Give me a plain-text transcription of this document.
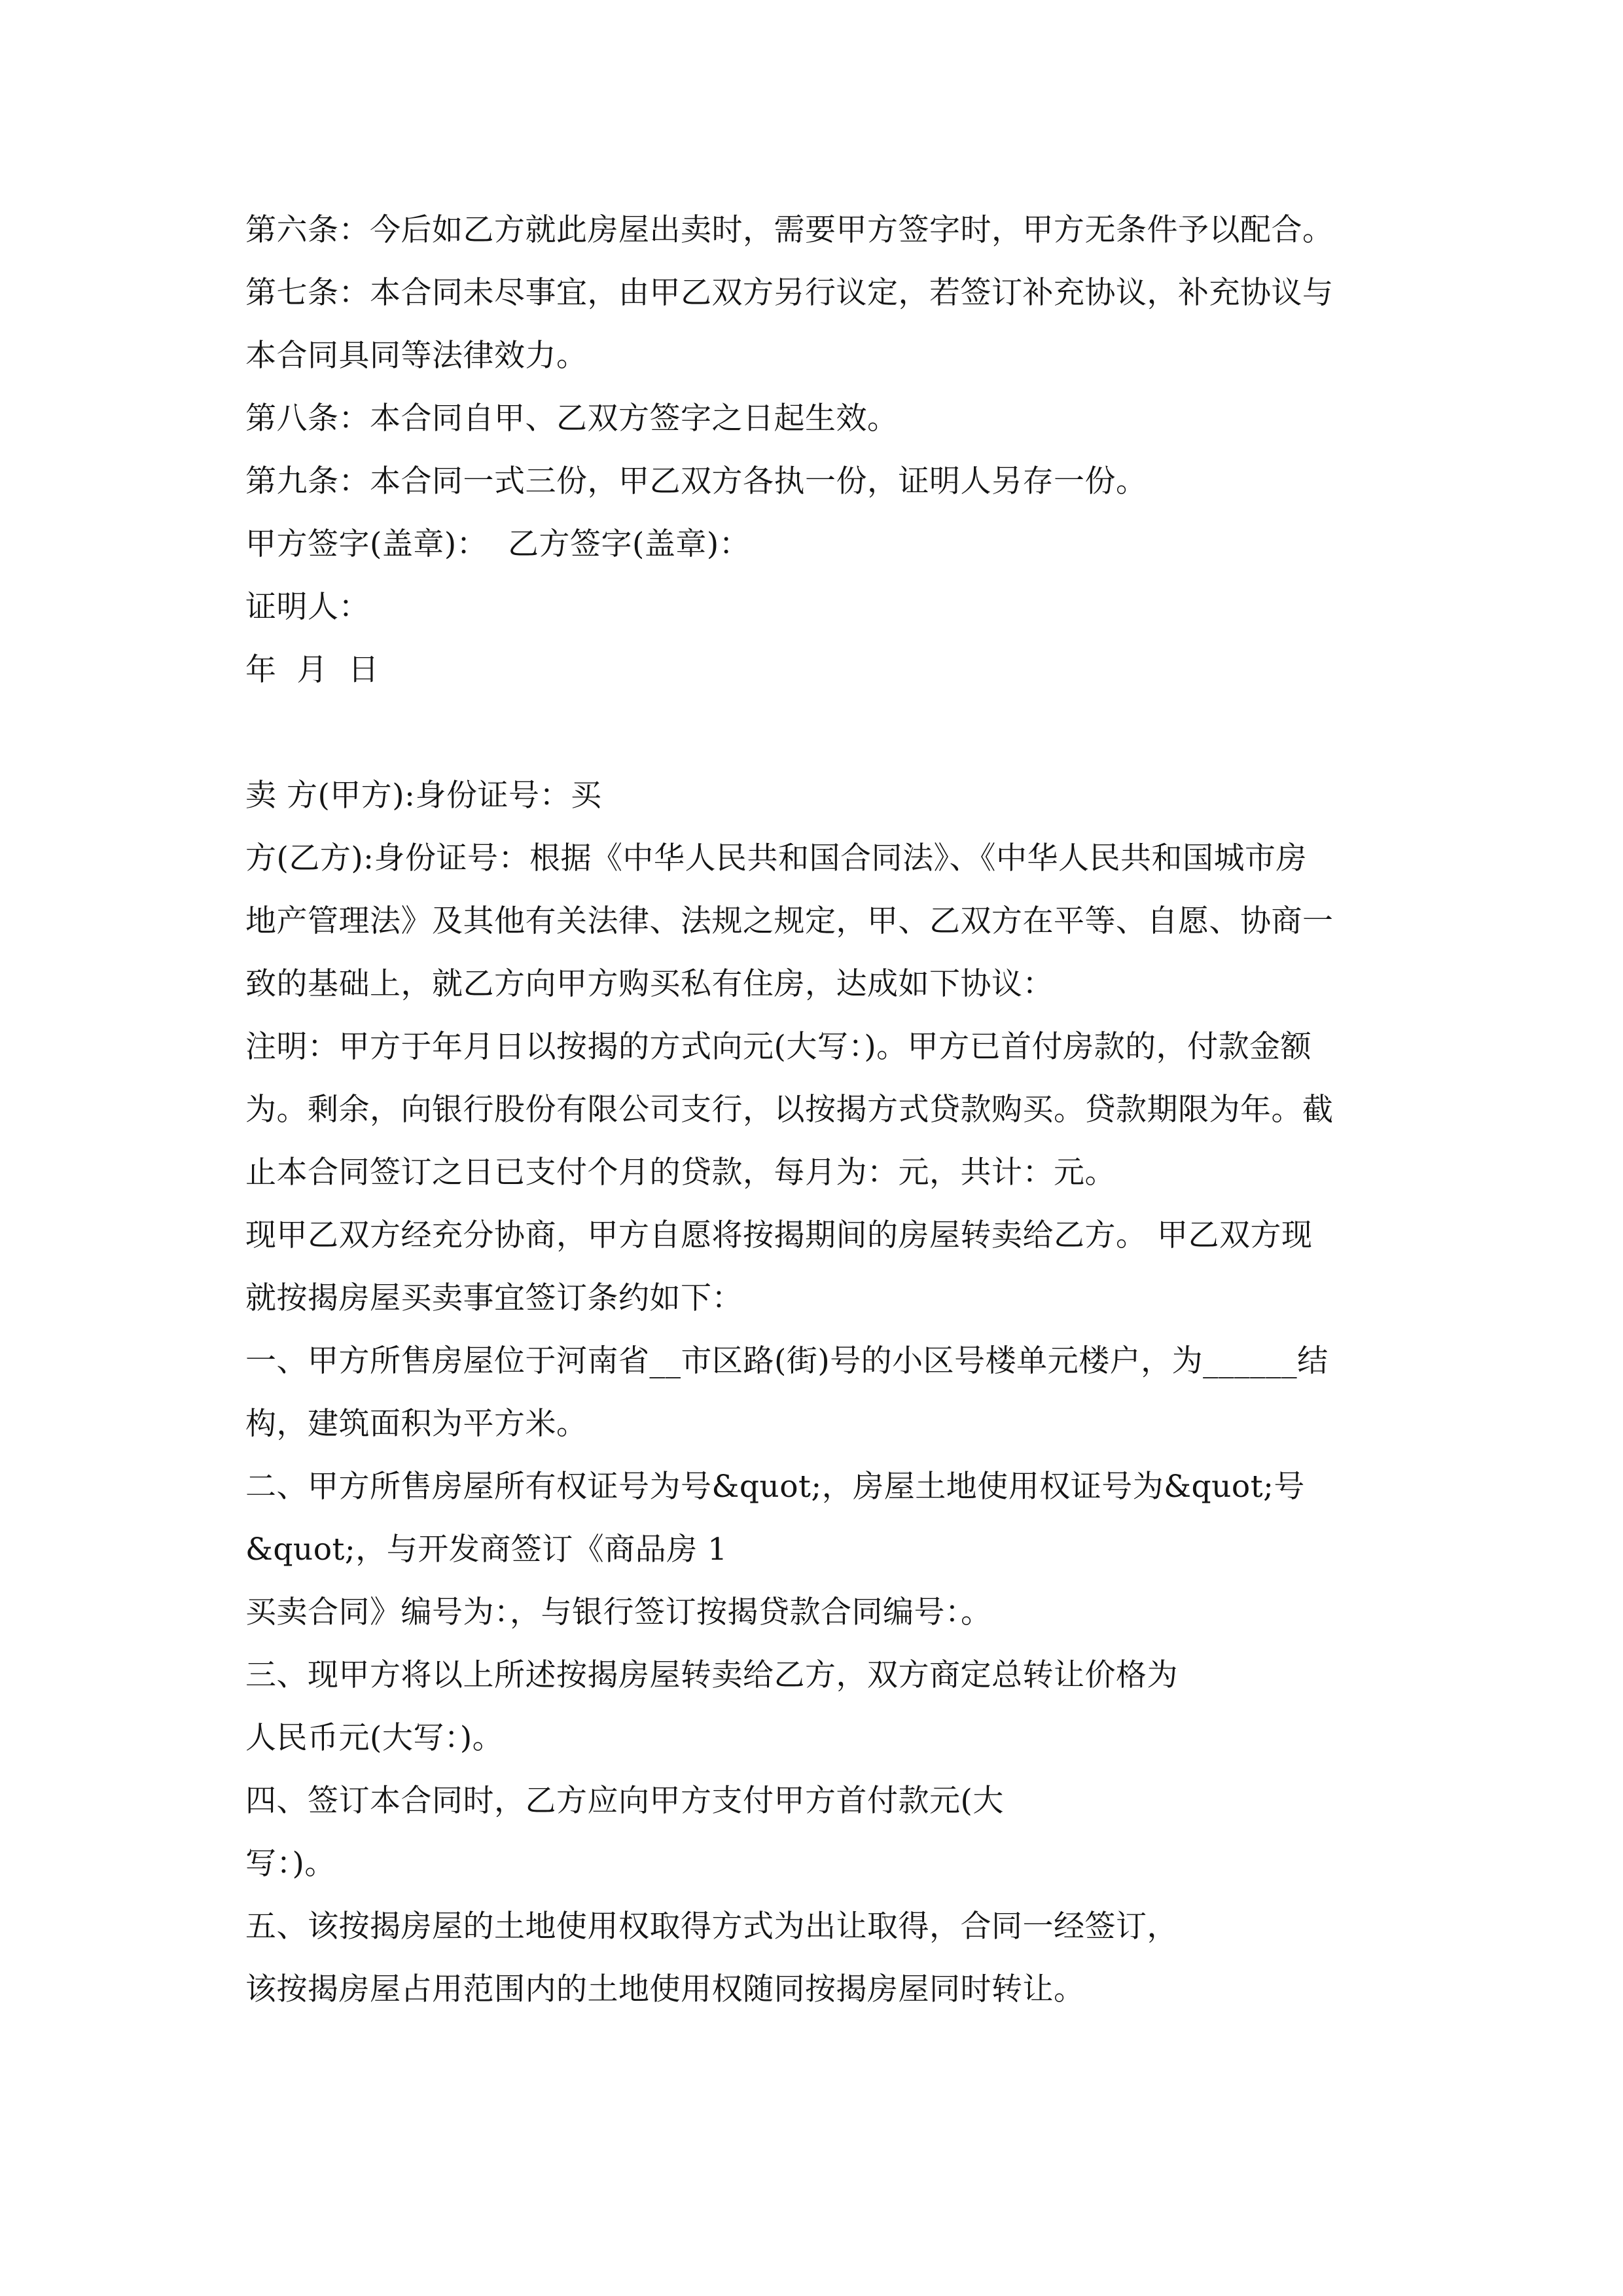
第六条：今后如乙方就此房屋出卖时，需要甲方签字时，甲方无条件予以配合。
第七条：本合同未尽事宜，由甲乙双方另行议定，若签订补充协议，补充协议与
本合同具同等法律效力。
第八条：本合同自甲、乙双方签字之日起生效。
第九条：本合同一式三份，甲乙双方各执一份，证明人另存一份。
甲方签字(盖章)：  乙方签字(盖章)：
证明人：
年  月  日
卖 方(甲方):身份证号：买
方(乙方):身份证号：根据《中华人民共和国合同法》、《中华人民共和国城市房
地产管理法》及其他有关法律、法规之规定，甲、乙双方在平等、自愿、协商一
致的基础上，就乙方向甲方购买私有住房，达成如下协议：
注明：甲方于年月日以按揭的方式向元(大写：)。甲方已首付房款的，付款金额
为。剩余，向银行股份有限公司支行，以按揭方式贷款购买。贷款期限为年。截
止本合同签订之日已支付个月的贷款，每月为：元，共计：元。
现甲乙双方经充分协商，甲方自愿将按揭期间的房屋转卖给乙方。 甲乙双方现
就按揭房屋买卖事宜签订条约如下：
一、甲方所售房屋位于河南省__市区路(街)号的小区号楼单元楼户，为______结
构，建筑面积为平方米。
二、甲方所售房屋所有权证号为号&quot;，房屋土地使用权证号为&quot;号
&quot;，与开发商签订《商品房 1
买卖合同》编号为：，与银行签订按揭贷款合同编号：。
三、现甲方将以上所述按揭房屋转卖给乙方，双方商定总转让价格为
人民币元(大写：)。
四、签订本合同时，乙方应向甲方支付甲方首付款元(大
写：)。
五、该按揭房屋的土地使用权取得方式为出让取得，合同一经签订，
该按揭房屋占用范围内的土地使用权随同按揭房屋同时转让。
